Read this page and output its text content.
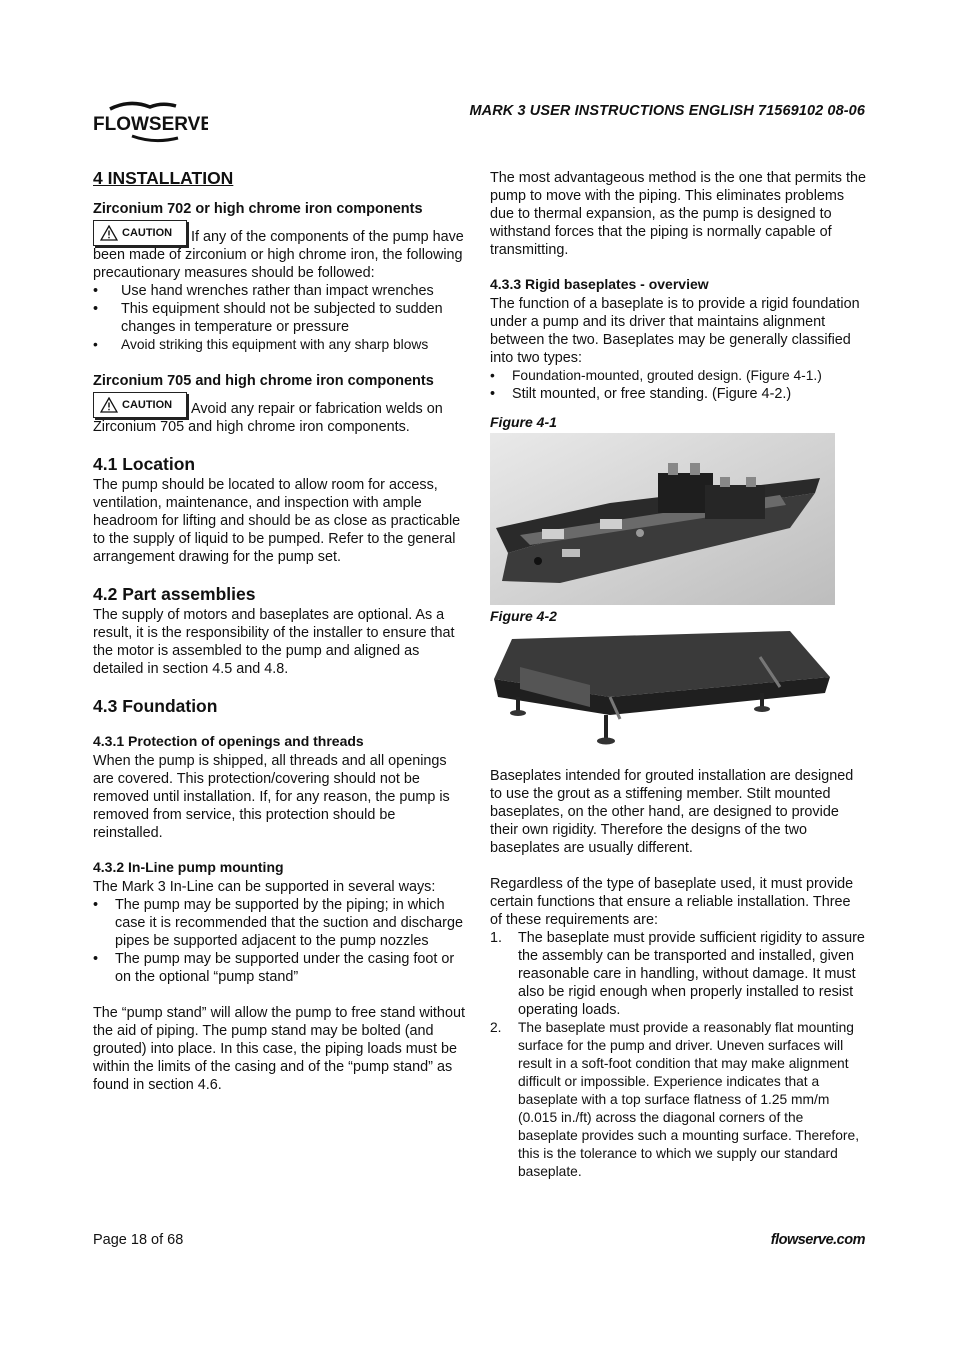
FLOWSERVE
MARK 3 USER INSTRUCTIONS ENGLISH 71569102 08-06
4 INSTALLATION
Zirconium 702 or high chrome iron components

CAUTION If any of the components of the pump have been made of zirconium or high chrome iron, the following precautionary measures should be followed:

• Use hand wrenches rather than impact wrenches
• This equipment should not be subjected to sudden changes in temperature or pressure
• Avoid striking this equipment with any sharp blows
Zirconium 705 and high chrome iron components

CAUTION Avoid any repair or fabrication welds on Zirconium 705 and high chrome iron components.

4.1 Location

The pump should be located to allow room for access, ventilation, maintenance, and inspection with ample headroom for lifting and should be as close as practicable to the supply of liquid to be pumped. Refer to the general arrangement drawing for the pump set.

4.2 Part assemblies

The supply of motors and baseplates are optional. As a result, it is the responsibility of the installer to ensure that the motor is assembled to the pump and aligned as detailed in section 4.5 and 4.8.

4.3 Foundation
4.3.1 Protection of openings and threads

When the pump is shipped, all threads and all openings are covered. This protection/covering should not be removed until installation. If, for any reason, the pump is removed from service, this protection should be reinstalled.

4.3.2 In-Line pump mounting

The Mark 3 In-Line can be supported in several ways:

• The pump may be supported by the piping; in which case it is recommended that the suction and discharge pipes be supported adjacent to the pump nozzles
• The pump may be supported under the casing foot or on the optional “pump stand”

The “pump stand” will allow the pump to free stand without the aid of piping. The pump stand may be bolted (and grouted) into place. In this case, the piping loads must be within the limits of the casing and of the “pump stand” as found in section 4.6.

The most advantageous method is the one that permits the pump to move with the piping. This eliminates problems due to thermal expansion, as the pump is designed to withstand forces that the piping is normally capable of transmitting.

4.3.3 Rigid baseplates - overview

The function of a baseplate is to provide a rigid foundation under a pump and its driver that maintains alignment between the two. Baseplates may be generally classified into two types:

• Foundation-mounted, grouted design. (Figure 4-1.)
• Stilt mounted, or free standing. (Figure 4-2.)
Figure 4-1
Figure 4-2

Baseplates intended for grouted installation are designed to use the grout as a stiffening member. Stilt mounted baseplates, on the other hand, are designed to provide their own rigidity. Therefore the designs of the two baseplates are usually different.

Regardless of the type of baseplate used, it must provide certain functions that ensure a reliable installation. Three of these requirements are:

1. The baseplate must provide sufficient rigidity to assure the assembly can be transported and installed, given reasonable care in handling, without damage. It must also be rigid enough when properly installed to resist operating loads.
2. The baseplate must provide a reasonably flat mounting surface for the pump and driver. Uneven surfaces will result in a soft-foot condition that may make alignment difficult or impossible. Experience indicates that a baseplate with a top surface flatness of 1.25 mm/m (0.015 in./ft) across the diagonal corners of the baseplate provides such a mounting surface. Therefore, this is the tolerance to which we supply our standard baseplate.
Page 18 of 68	flowserve.com
